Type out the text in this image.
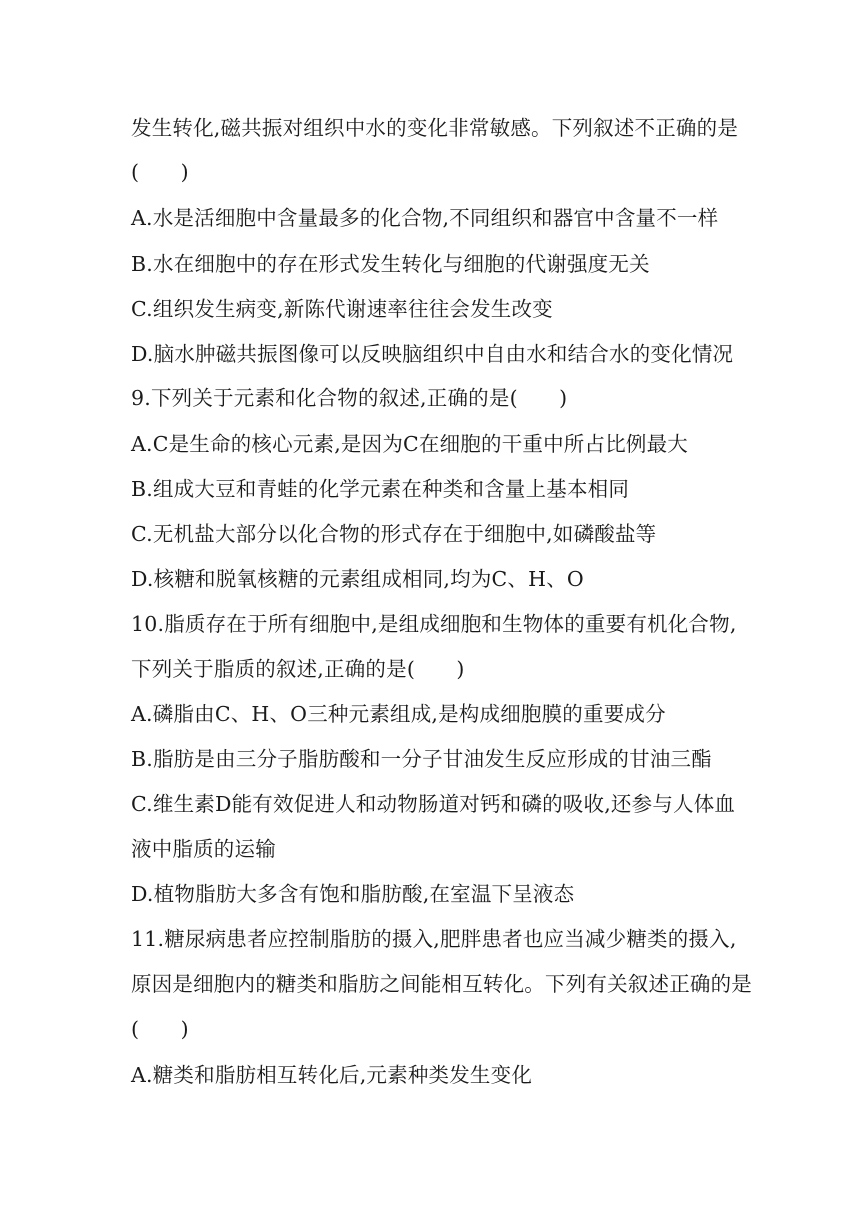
发生转化,磁共振对组织中水的变化非常敏感。下列叙述不正确的是
(　　)
A.水是活细胞中含量最多的化合物,不同组织和器官中含量不一样
B.水在细胞中的存在形式发生转化与细胞的代谢强度无关
C.组织发生病变,新陈代谢速率往往会发生改变
D.脑水肿磁共振图像可以反映脑组织中自由水和结合水的变化情况
9.下列关于元素和化合物的叙述,正确的是(　　)
A.C是生命的核心元素,是因为C在细胞的干重中所占比例最大
B.组成大豆和青蛙的化学元素在种类和含量上基本相同
C.无机盐大部分以化合物的形式存在于细胞中,如磷酸盐等
D.核糖和脱氧核糖的元素组成相同,均为C、H、O
10.脂质存在于所有细胞中,是组成细胞和生物体的重要有机化合物,
下列关于脂质的叙述,正确的是(　　)
A.磷脂由C、H、O三种元素组成,是构成细胞膜的重要成分
B.脂肪是由三分子脂肪酸和一分子甘油发生反应形成的甘油三酯
C.维生素D能有效促进人和动物肠道对钙和磷的吸收,还参与人体血
液中脂质的运输
D.植物脂肪大多含有饱和脂肪酸,在室温下呈液态
11.糖尿病患者应控制脂肪的摄入,肥胖患者也应当减少糖类的摄入,
原因是细胞内的糖类和脂肪之间能相互转化。下列有关叙述正确的是
(　　)
A.糖类和脂肪相互转化后,元素种类发生变化
